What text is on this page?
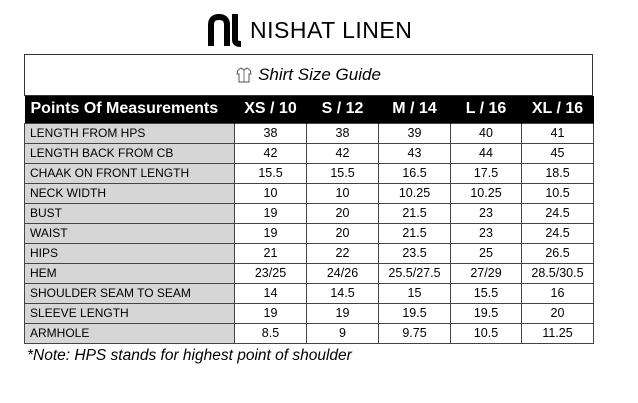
NISHAT LINEN
Shirt Size Guide
Points Of Measurements	XS / 10	S / 12	M / 14	L / 16	XL / 16
LENGTH FROM HPS	38	38	39	40	41
LENGTH BACK FROM CB	42	42	43	44	45
CHAAK ON FRONT LENGTH	15.5	15.5	16.5	17.5	18.5
NECK WIDTH	10	10	10.25	10.25	10.5
BUST	19	20	21.5	23	24.5
WAIST	19	20	21.5	23	24.5
HIPS	21	22	23.5	25	26.5
HEM	23/25	24/26	25.5/27.5	27/29	28.5/30.5
SHOULDER SEAM TO SEAM	14	14.5	15	15.5	16
SLEEVE LENGTH	19	19	19.5	19.5	20
ARMHOLE	8.5	9	9.75	10.5	11.25
*Note: HPS stands for highest point of shoulder
